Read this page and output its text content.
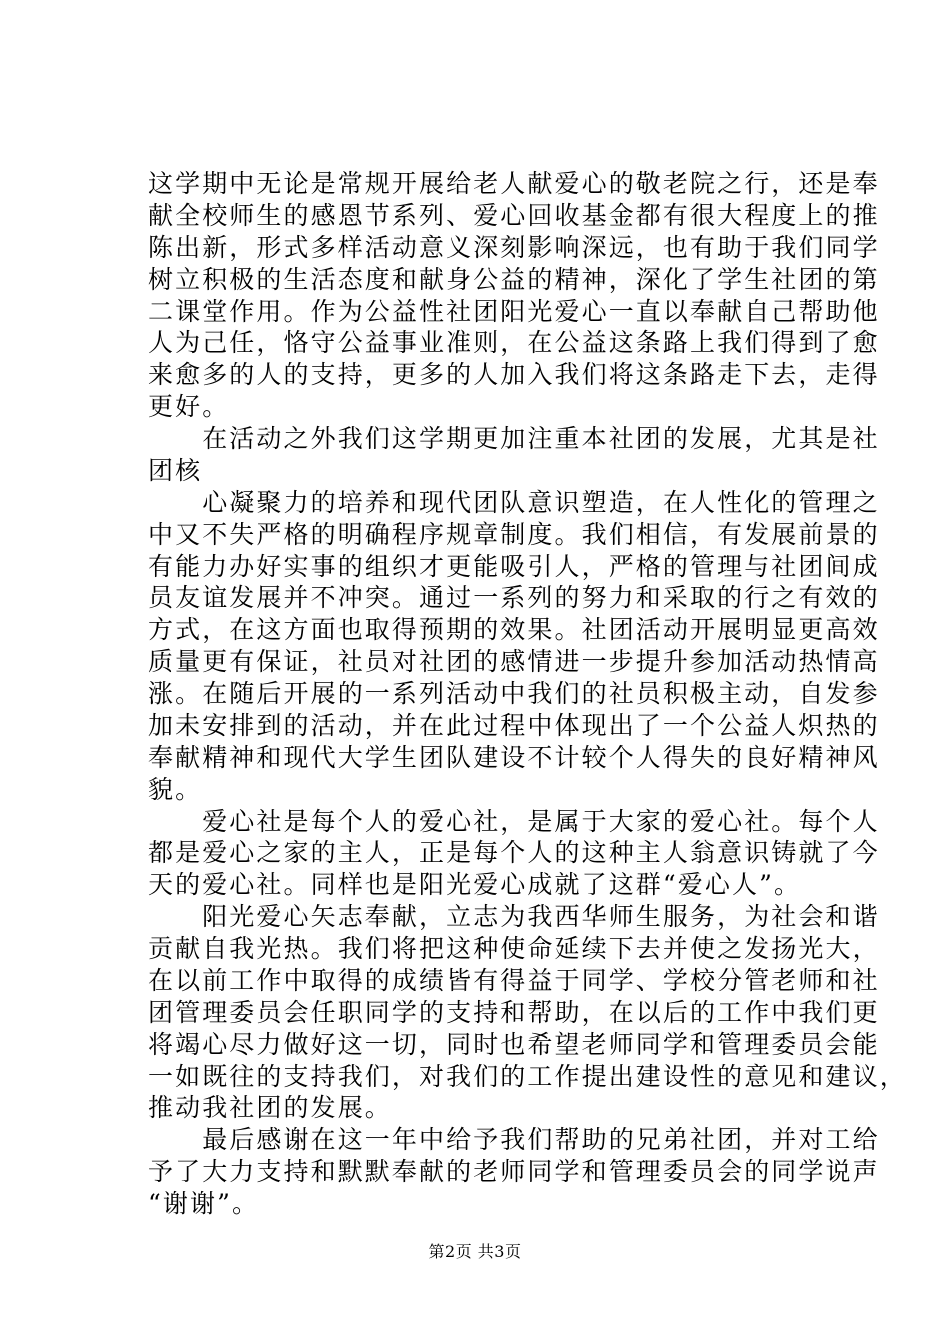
这学期中无论是常规开展给老人献爱心的敬老院之行，还是奉
献全校师生的感恩节系列、爱心回收基金都有很大程度上的推
陈出新，形式多样活动意义深刻影响深远，也有助于我们同学
树立积极的生活态度和献身公益的精神，深化了学生社团的第
二课堂作用。作为公益性社团阳光爱心一直以奉献自己帮助他
人为己任，恪守公益事业准则，在公益这条路上我们得到了愈
来愈多的人的支持，更多的人加入我们将这条路走下去，走得
更好。
　　在活动之外我们这学期更加注重本社团的发展，尤其是社
团核
　　心凝聚力的培养和现代团队意识塑造，在人性化的管理之
中又不失严格的明确程序规章制度。我们相信，有发展前景的
有能力办好实事的组织才更能吸引人，严格的管理与社团间成
员友谊发展并不冲突。通过一系列的努力和采取的行之有效的
方式，在这方面也取得预期的效果。社团活动开展明显更高效
质量更有保证，社员对社团的感情进一步提升参加活动热情高
涨。在随后开展的一系列活动中我们的社员积极主动，自发参
加未安排到的活动，并在此过程中体现出了一个公益人炽热的
奉献精神和现代大学生团队建设不计较个人得失的良好精神风
貌。
　　爱心社是每个人的爱心社，是属于大家的爱心社。每个人
都是爱心之家的主人，正是每个人的这种主人翁意识铸就了今
天的爱心社。同样也是阳光爱心成就了这群“爱心人”。
　　阳光爱心矢志奉献，立志为我西华师生服务，为社会和谐
贡献自我光热。我们将把这种使命延续下去并使之发扬光大，
在以前工作中取得的成绩皆有得益于同学、学校分管老师和社
团管理委员会任职同学的支持和帮助，在以后的工作中我们更
将竭心尽力做好这一切，同时也希望老师同学和管理委员会能
一如既往的支持我们，对我们的工作提出建设性的意见和建议，
推动我社团的发展。
　　最后感谢在这一年中给予我们帮助的兄弟社团，并对工给
予了大力支持和默默奉献的老师同学和管理委员会的同学说声
“谢谢”。
第2页 共3页
